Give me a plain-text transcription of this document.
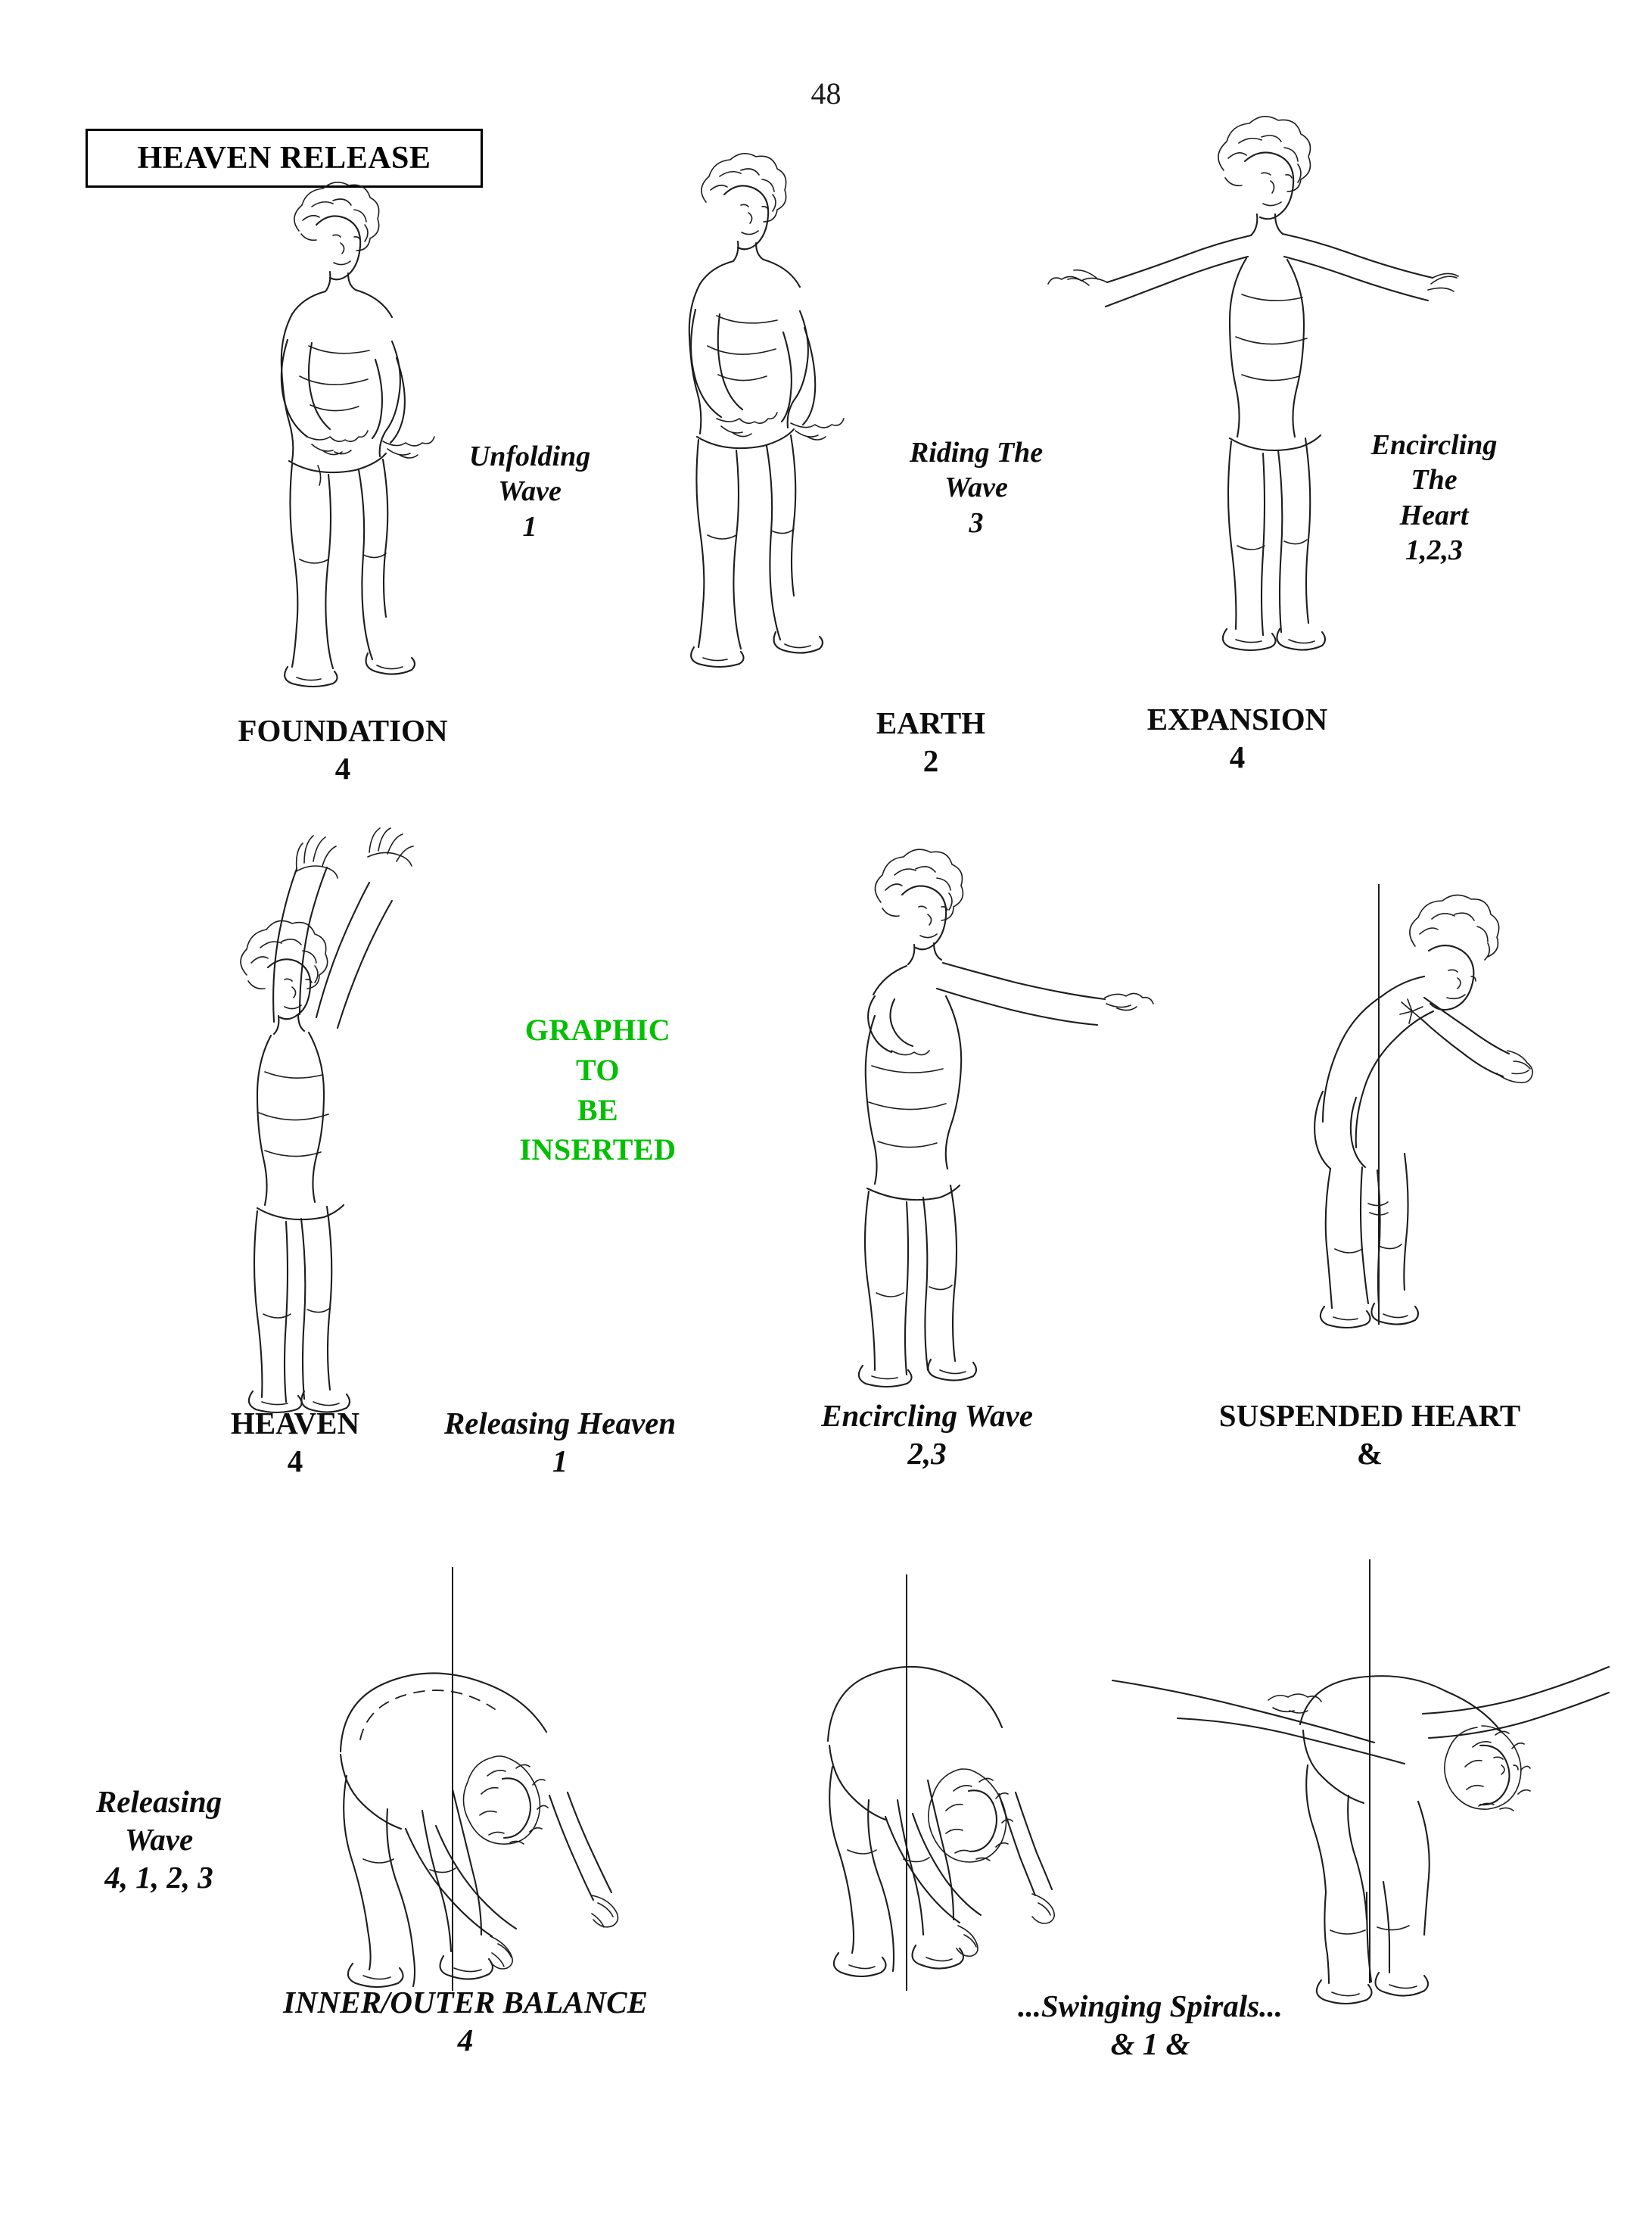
48
HEAVEN RELEASE
FOUNDATION
4
Unfolding
Wave
1
EARTH
2
Riding The
Wave
3
EXPANSION
4
Encircling
The
Heart
1,2,3
HEAVEN
4
GRAPHIC
TO
BE
INSERTED
Releasing Heaven
1
Encircling Wave
2,3
SUSPENDED HEART
&
Releasing
Wave
4, 1, 2, 3
INNER/OUTER BALANCE
4
...Swinging Spirals...
& 1 &
